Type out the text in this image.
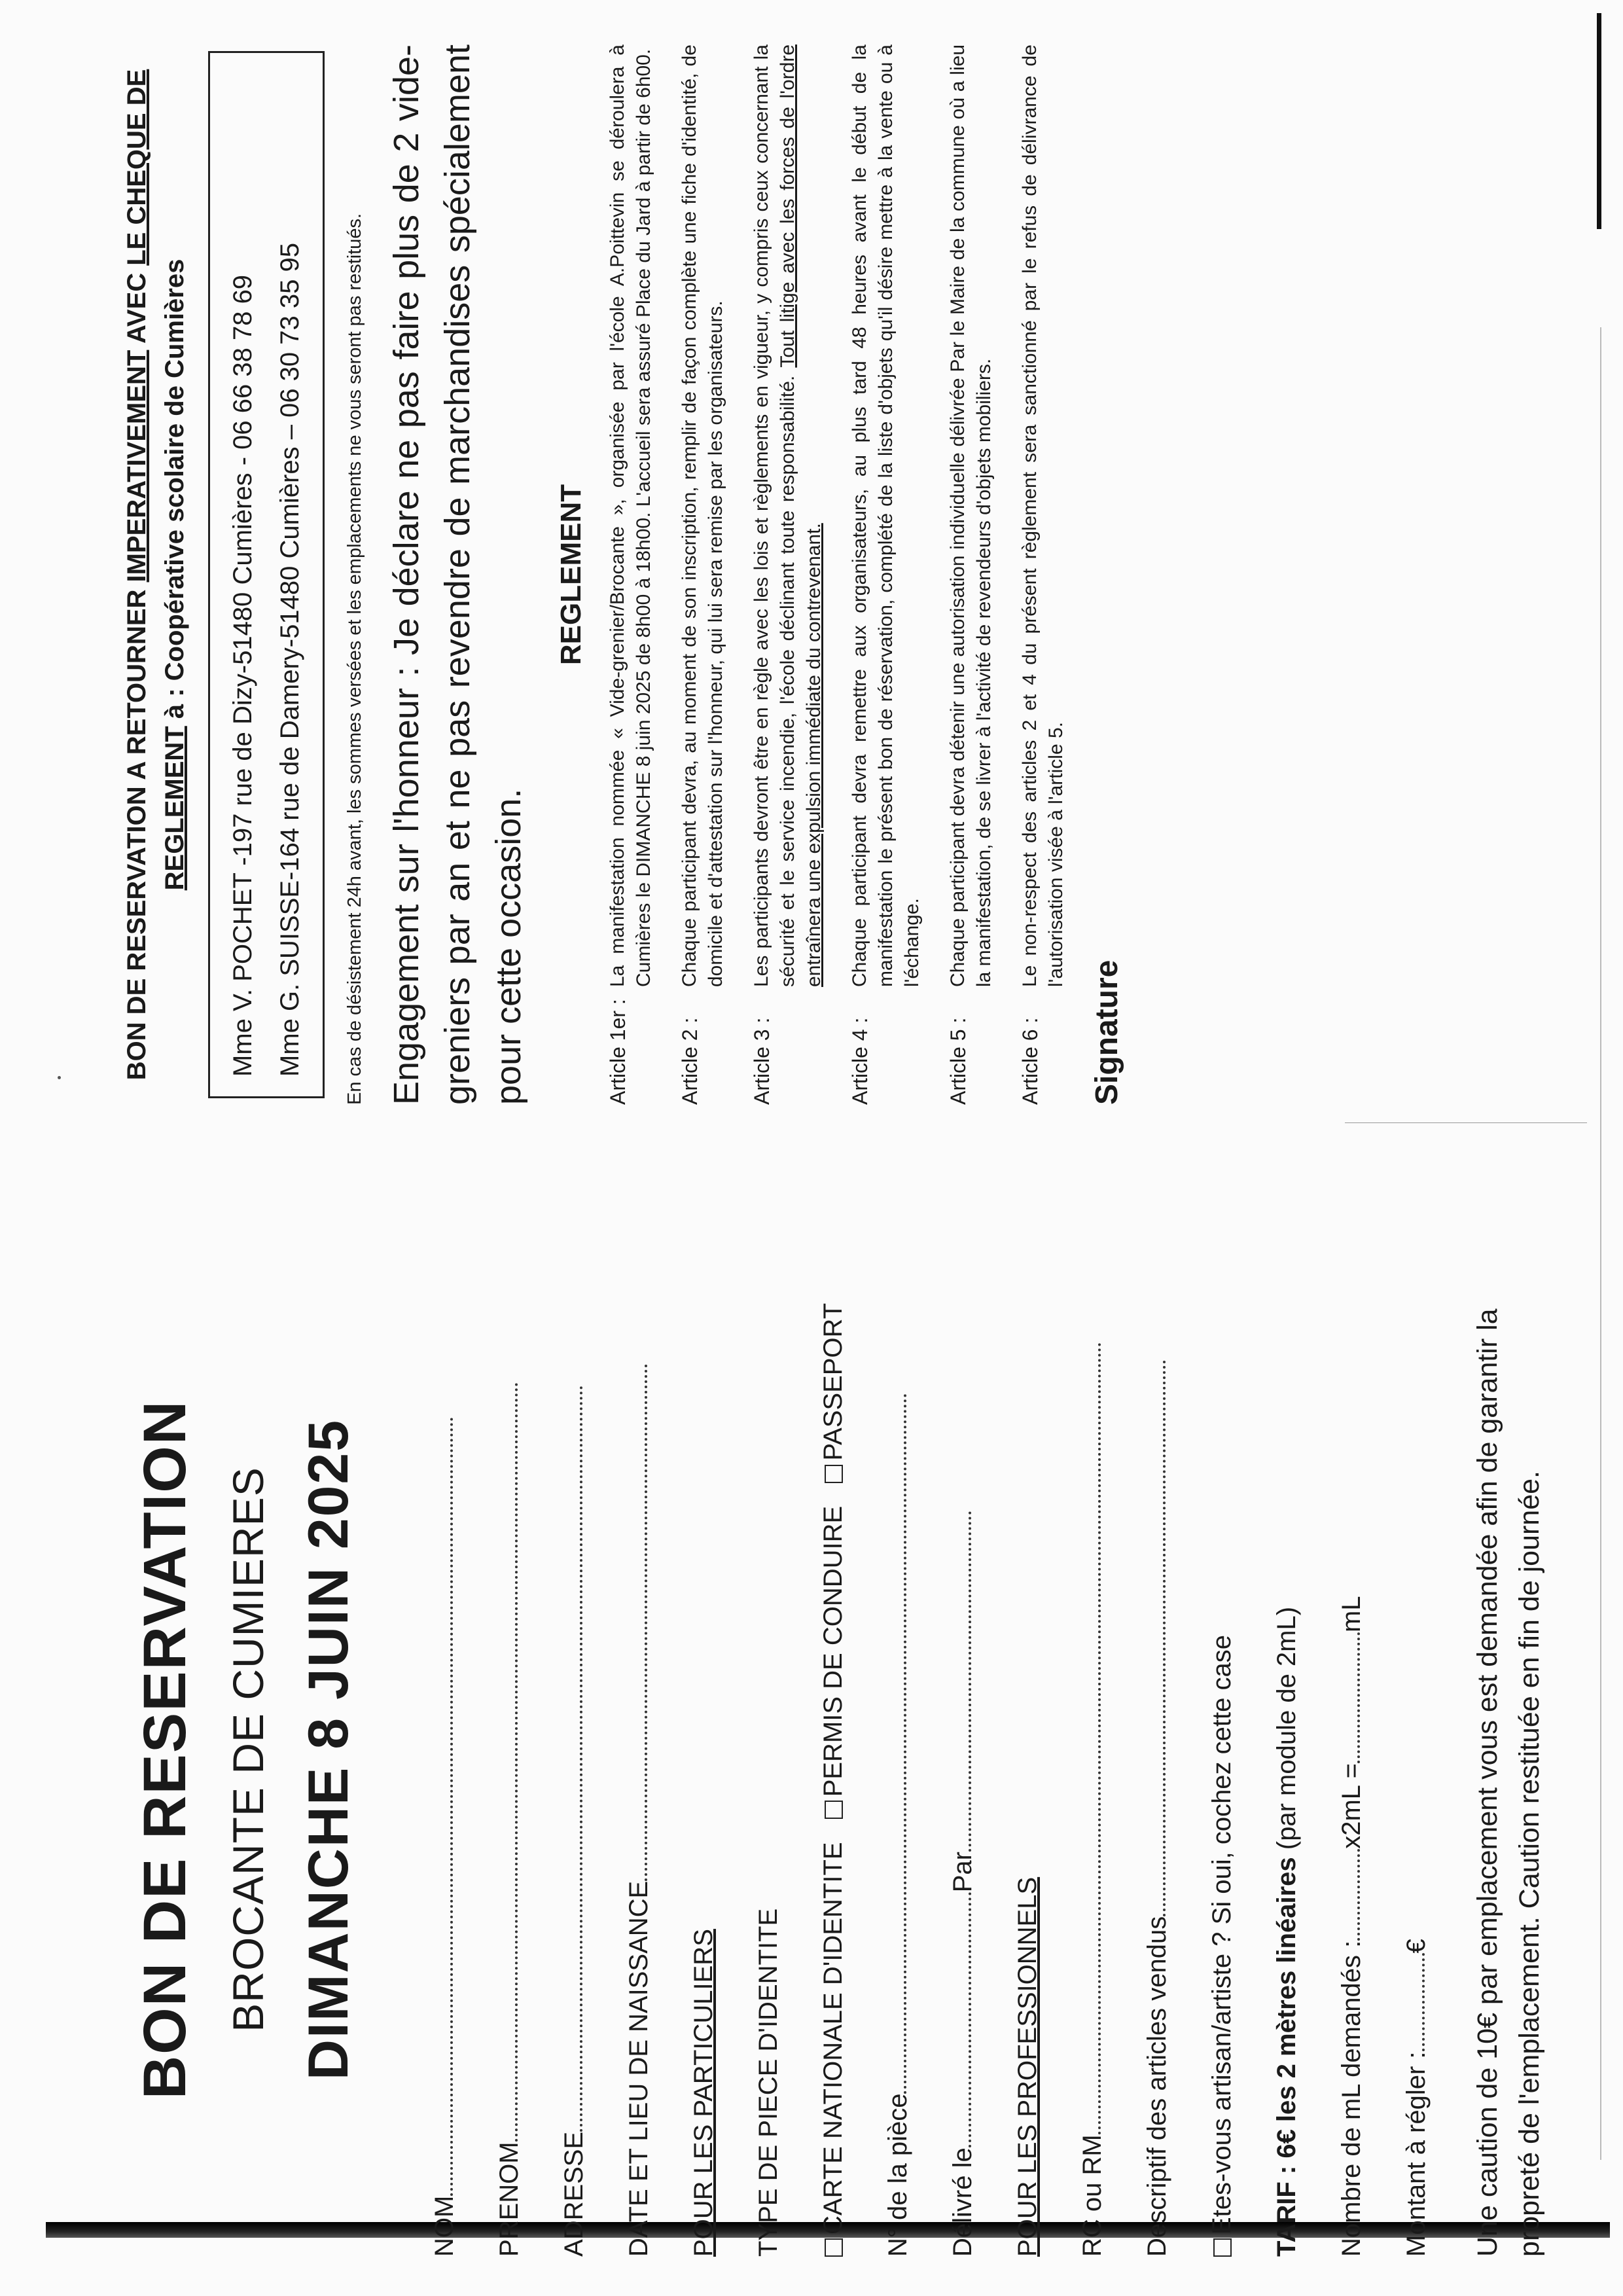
BON DE RESERVATION BROCANTE DE CUMIERES DIMANCHE 8 JUIN 2025
NOM PRENOM ADRESSE DATE ET LIEU DE NAISSANCE POUR LES PARTICULIERS TYPE DE PIECE D'IDENTITE CARTE NATIONALE D'IDENTITE PERMIS DE CONDUIRE PASSEPORT
N° de la pièce Délivré lePar
POUR LES PROFESSIONNELS RC ou RM Descriptif des articles vendus Etes-vous artisan/artiste ? Si oui, cochez cette case TARIF : 6€ les 2 mètres linéaires (par module de 2mL)
Nombre de mL demandés :x2mL =mL
Montant à régler :€ Une caution de 10€ par emplacement vous est demandée afin de garantir la propreté de l'emplacement. Caution restituée en fin de journée.
BON DE RESERVATION A RETOURNER IMPERATIVEMENT AVEC LE CHEQUE DE REGLEMENT à : Coopérative scolaire de Cumières	Mme V. POCHET -197 rue de Dizy-51480 Cumières - 06 66 38 78 69 Mme G. SUISSE-164 rue de Damery-51480 Cumières – 06 30 73 35 95	En cas de désistement 24h avant, les sommes versées et les emplacements ne vous seront pas restitués. Engagement sur l'honneur : Je déclare ne pas faire plus de 2 vide-greniers par an et ne pas revendre de marchandises spécialement pour cette occasion.
REGLEMENT
Article 1er :
La manifestation nommée « Vide-grenier/Brocante », organisée par l'école A.Poittevin se déroulera à Cumières le DIMANCHE 8 juin 2025 de 8h00 à 18h00. L'accueil sera assuré Place du Jard à partir de 6h00.
Article 2 :
Chaque participant devra, au moment de son inscription, remplir de façon complète une fiche d'identité, de domicile et d'attestation sur l'honneur, qui lui sera remise par les organisateurs.
Article 3 :
Les participants devront être en règle avec les lois et règlements en vigueur, y compris ceux concernant la sécurité et le service incendie, l'école déclinant toute responsabilité. Tout litige avec les forces de l'ordre entraînera une expulsion immédiate du contrevenant.
Article 4 :
Chaque participant devra remettre aux organisateurs, au plus tard 48 heures avant le début de la manifestation le présent bon de réservation, complété de la liste d'objets qu'il désire mettre à la vente ou à l'échange.
Article 5 :
Chaque participant devra détenir une autorisation individuelle délivrée Par le Maire de la commune où a lieu la manifestation, de se livrer à l'activité de revendeurs d'objets mobiliers.
Article 6 :
Le non-respect des articles 2 et 4 du présent règlement sera sanctionné par le refus de délivrance de l'autorisation visée à l'article 5.
Signature
